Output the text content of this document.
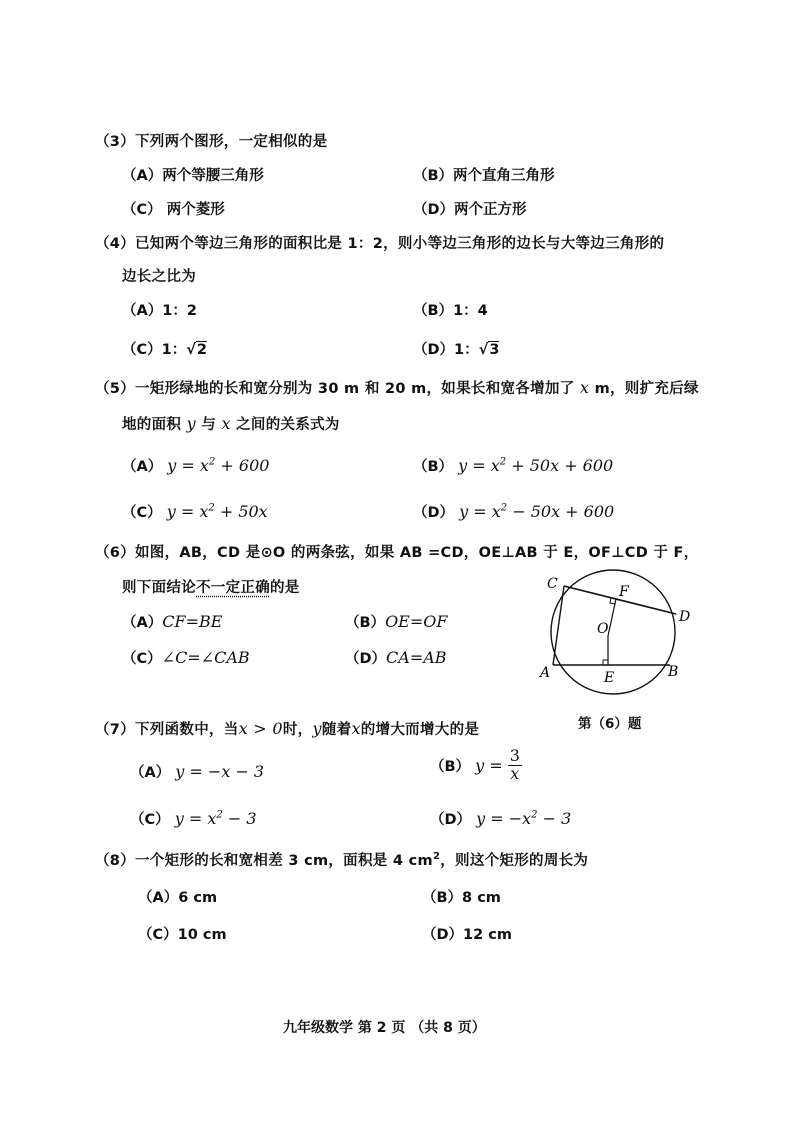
（3）下列两个图形，一定相似的是
（A）两个等腰三角形	（B）两个直角三角形
（C） 两个菱形	（D）两个正方形
（4）已知两个等边三角形的面积比是 1：2，则小等边三角形的边长与大等边三角形的
边长之比为
（A）1：2	（B）1：4
（C）1：√2	（D）1：√3
（5）一矩形绿地的长和宽分别为 30 m 和 20 m，如果长和宽各增加了 x m，则扩充后绿
地的面积 y 与 x 之间的关系式为
（A） $y = x^2 + 600$	（B） $y = x^2 + 50x + 600$
（C） $y = x^2 + 50x$	（D） $y = x^2 - 50x + 600$
（6）如图，AB，CD 是⊙O 的两条弦，如果 AB =CD，OE⊥AB 于 E，OF⊥CD 于 F，
则下面结论不一定正确的是
（A）CF=BE	（B）OE=OF
（C）∠C=∠CAB	（D）CA=AB
C	F
D
O
A	E	B
第（6）题
（7）下列函数中，当x > 0时，y随着x的增大而增大的是
（A） y = −x − 3	（B） $y = \frac{3}{x}$
（C） $y = x^2 - 3$	（D） $y = -x^2 - 3$
（8）一个矩形的长和宽相差 3 cm，面积是 4 $cm^2$，则这个矩形的周长为
（A）6 cm	（B）8 cm
（C）10 cm	（D）12 cm
九年级数学 第 2 页 （共 8 页）
